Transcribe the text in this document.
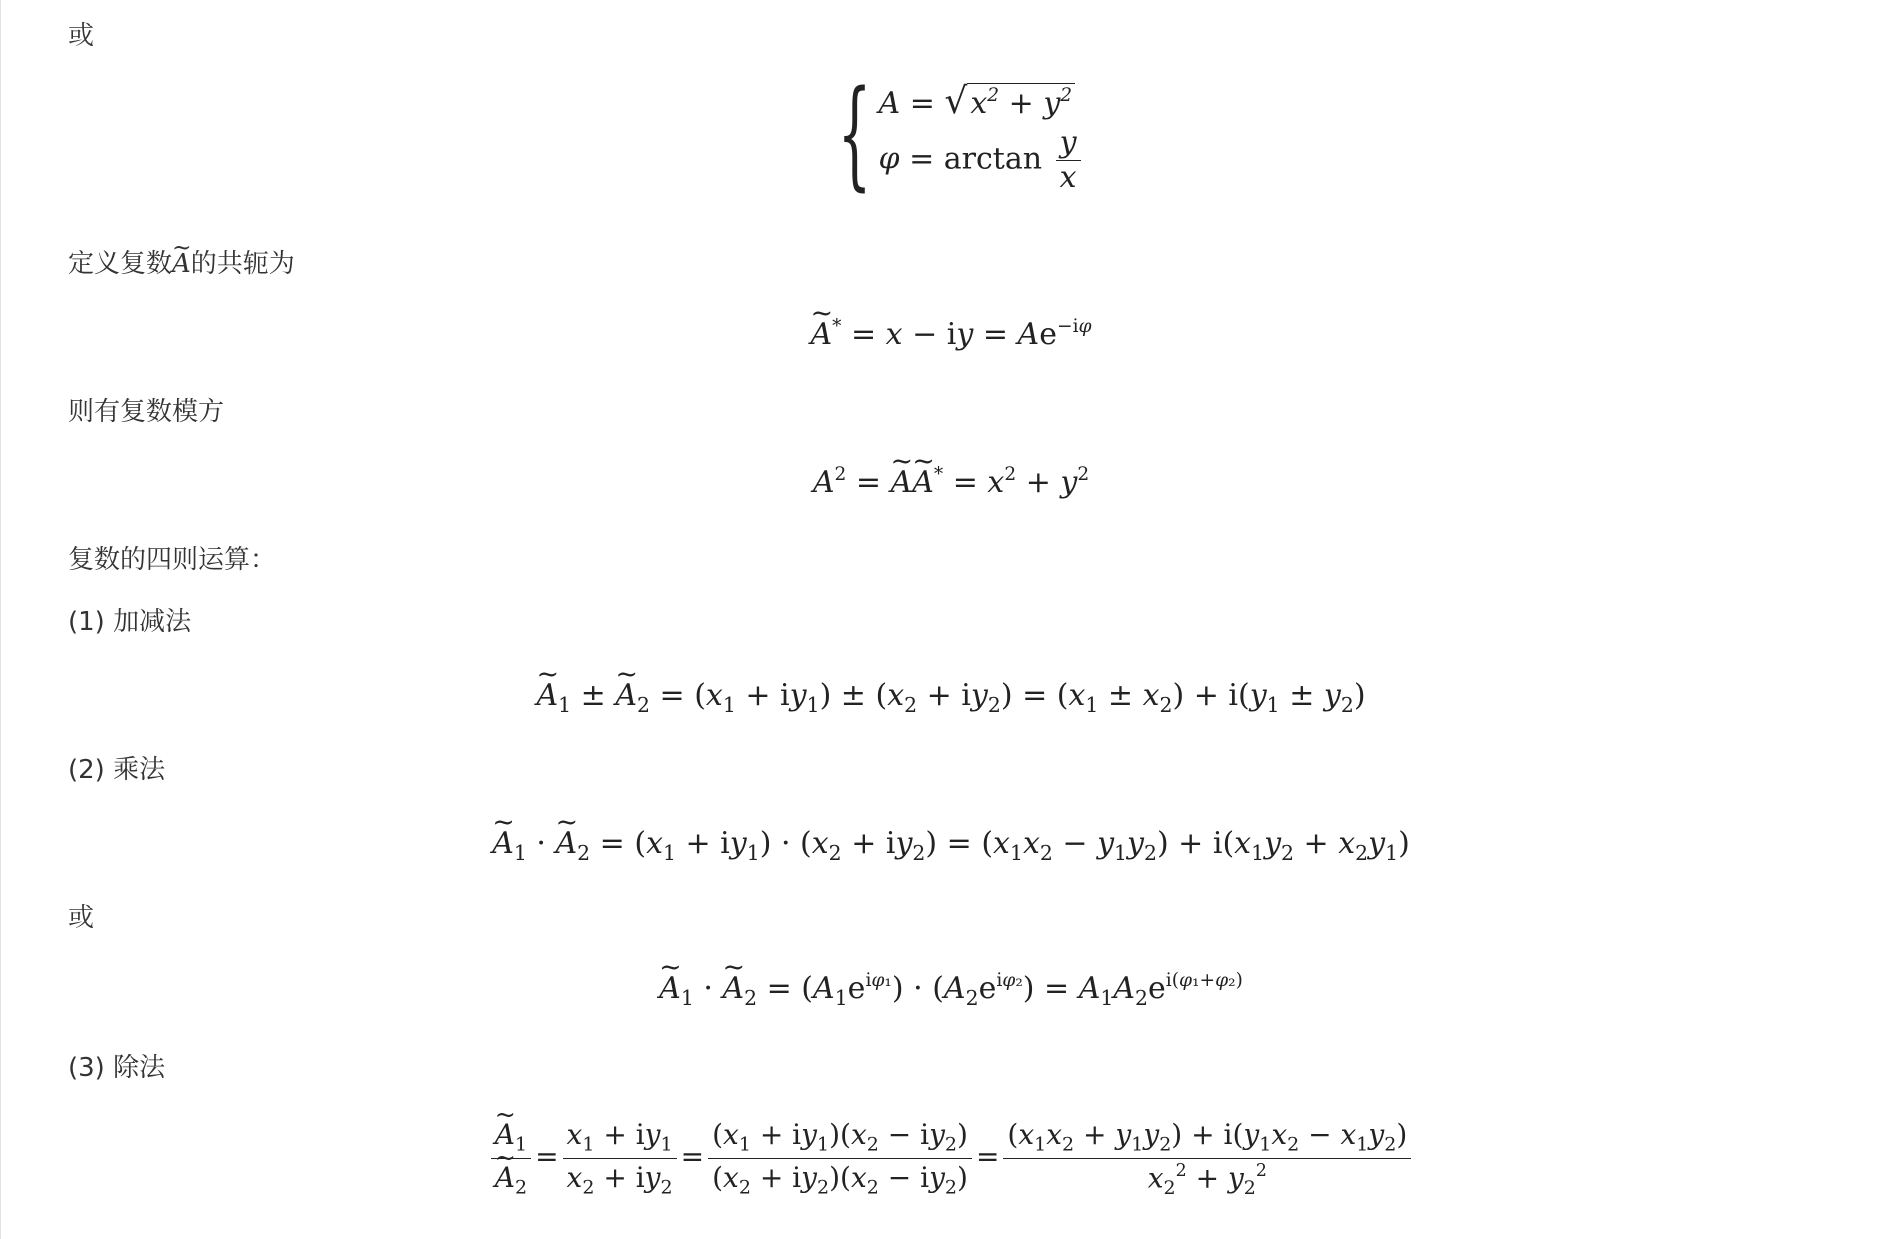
或
{ A = √ $x^2 + y^2$
$\varphi = \arctan \frac{y}{x}$
定义复数~ A的共轭为
~ A* = x − iy = $Ae^{-i\varphi}$
则有复数模方
$A^2$ = ~ A~ $A^* = x^2 + y^2$
复数的四则运算：
(1) 加减法
~ $A_1$ ± ~ $A_2 = (x_1 + iy_1) \pm (x_2 + iy_2) = (x_1 \pm x_2) + i(y_1 \pm y_2)$
(2) 乘法
~ $A_1$ · ~ $A_2 = (x_1 + iy_1) \cdot (x_2 + iy_2) = (x_1x_2 - y_1y_2) + i(x_1y_2 + x_2y_1)$
或
~ $A_1$ · ~ $A_2 = (A_1e^{i\varphi_1}) \cdot (A_2e^{i\varphi_2}) = A_1A_2e^{i(\varphi_1+\varphi_2)}$
(3) 除法
~ $A_1$
~ $A_2 = \frac{x_1 + iy_1}{x_2 + iy_2} = \frac{(x_1 + iy_1)(x_2 - iy_2)}{(x_2 + iy_2)(x_2 - iy_2)} = \frac{(x_1x_2 + y_1y_2) + i(y_1x_2 - x_1y_2)}{x_2^2 + y_2^2}$
